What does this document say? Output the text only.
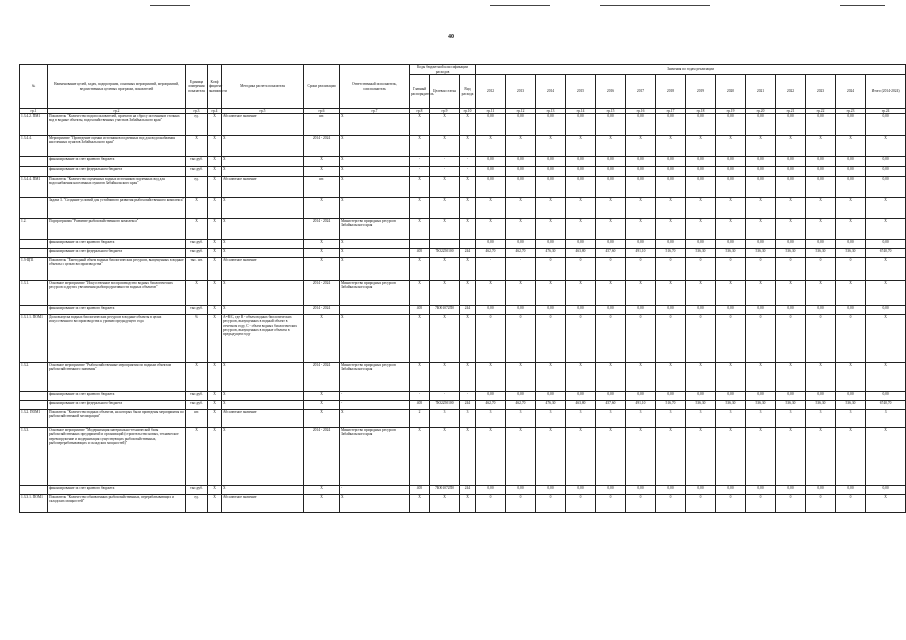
40
№	Наименование целей, задач, подпрограмм, основных мероприятий, мероприятий, ведомственных целевых программ, показателей	Единица измерения показателя	Коэф фициент значимости	Методика расчета показателя	Сроки реализации	Ответственный исполнитель, соисполнитель	Коды бюджетной классификации расходов			Значения по годам реализации													
							Главный распорядитель	Целевая статья	Вид расхода	2012	2013	2014	2015	2016	2017	2018	2019	2020	2021	2022	2023	2024	Итого (2014-2024)
гр.1	гр.2	гр.3	гр.4	гр.5	гр.6	гр.7	гр.8	гр.9	гр.10	гр.11	гр.12	гр.13	гр.14	гр.15	гр.16	гр.17	гр.18	гр.19	гр.20	гр.21	гр.22	гр.23	гр.24
1.3.4.2. ПМ1	Показатель "Количество водопользователей, проектов на сбросу источников сточных вод в водные объекты, водохозяйственных участков Забайкальского края"	ед.	X	Абсолютное значение	шт.	X	X	X	X	0,00	0,00	0,00	0,00	0,00	0,00	0,00	0,00	0,00	0,00	0,00	0,00	0,00	0,00
1.3.4.4.	Мероприятие "Проведение оценки источников подземных вод для водоснабжения населенных пунктов Забайкальского края"	X	X	X	2014 - 2024	X	X	X	X	X	X	X	X	X	X	X	X	X	X	X	X	X	X
	финансирование за счет краевого бюджета	тыс.руб.	X	X	X	X	-	-	-	0,00	0,00	0,00	0,00	0,00	0,00	0,00	0,00	0,00	0,00	0,00	0,00	0,00	0,00
	финансирование за счет федерального бюджета	тыс.руб.	X	X	X	X	-	-	-	0,00	0,00	0,00	0,00	0,00	0,00	0,00	0,00	0,00	0,00	0,00	0,00	0,00	0,00
1.3.4.4. ПМ1	Показатель "Количество оцененных водных источников подземных вод для водоснабжения населенных пунктов Забайкальского края"	ед.	X	Абсолютное значение	шт.	X	X	X	X	0,00	0,00	0,00	0,00	0,00	0,00	0,00	0,00	0,00	0,00	0,00	0,00	0,00	0,00
	Задача 3. "Создание условий для устойчивого развития рыбохозяйственного комплекса"	X	X	X	X	X	X	X	X	X	X	X	X	X	X	X	X	X	X	X	X	X	X
1.2.	Подпрограмма "Развитие рыбохозяйственного комплекса"	X	X	X	2014 - 2024	Министерство природных ресурсов Забайкальского края	X	X	X	X	X	X	X	X	X	X	X	X	X	X	X	X	X
	финансирование за счет краевого бюджета	тыс.руб.	X	X	X	X				0,00	0,00	0,00	0,00	0,00	0,00	0,00	0,00	0,00	0,00	0,00	0,00	0,00	0,00
	финансирование за счет федерального бюджета	тыс.руб.	X	X	X	X	405	7Ю2250100	244	462,70	462,70	476,30	463,80	457,60	491,10	516,70	536,30	536,30	536,30	536,30	536,30	536,30	6740,70
1.3-ЦП1	Показатель "Ежегодный объем водных биологических ресурсов, выпущенных в водные объекты с целью воспроизводства"	тыс. шт.	X	Абсолютное значение	X	X	X	X	X	-	-	0	0	0	0	0	0	0	0	0	0	0	X
1.3.1.	Основное мероприятие "Искусственное воспроизводство водных биологических ресурсов и других увеличения рыбопродуктивности водных объектов"	X	X	X	2014 - 2024	Министерство природных ресурсов Забайкальского края	X	X	X	X	X	X	X	X	X	X	X	X	X	X	X	X	X
	финансирование за счет краевого бюджета	тыс.руб.	X	X	2014 - 2024		405	7Ю01072П0	244	0,00	0,00	0,00	0,00	0,00	0,00	0,00	0,00	0,00	0,00	0,00	0,00	0,00	0,00
1.3.1.1. ПОМ1	Доля выпуска водных биологических ресурсов в водные объекты в целях искусственного воспроизводства к уровню предыдущего года	%	X	A=B/C, где B - объем водных биологических ресурсов, выпущенных в водный объект в отчетном году, C - объем водных биологических ресурсов, выпущенных в водные объекты в предыдущем году	X	X	X	X	X	0	0	0	0	0	0	0	0	0	0	0	0	0	X
1.3.2.	Основное мероприятие "Рыбохозяйственные мероприятия по водным объектам рыбохозяйственного значения"	X	X	X	2014 - 2024	Министерство природных ресурсов Забайкальского края	X	X	X	X	X	X	X	X	X	X	X	X	X	X	X	X	X
	финансирование за счет краевого бюджета	тыс.руб.	X	X	X	-	-	-	-	0,00	0,00	0,00	0,00	0,00	0,00	0,00	0,00	0,00	0,00	0,00	0,00	0,00	0,00
	финансирование за счет федерального бюджета	тыс.руб.	X	X	X	-	405	7Ю2250100	244	462,70	462,70	476,30	463,80	457,60	491,10	516,70	536,30	536,30	536,30	536,30	536,30	536,30	6740,70
1.3.2. ПОМ1	Показатель "Количество водных объектов, на которых были проведены мероприятия по рыбохозяйственной мелиорации"	шт.	X	Абсолютное значение	X	X	2	3	3	3	3	3	3	3	3	3	3	3	3	3	3	3	3
1.3.3.	Основное мероприятие "Модернизация материально-технической базы рыбохозяйственных предприятий и организаций (строительство новых, техническое перевооружение и модернизация существующих рыбохозяйственных, рыбоперерабатывающих и складских мощностей)"	X	X	X	2014 - 2024	Министерство природных ресурсов Забайкальского края	X	X	X	X	X	X	X	X	X	X	X	X	X	X	X	X	X
	финансирование за счет краевого бюджета	тыс.руб.	X	X	X	-	405	7Ю01072П0	244	0,00	0,00	0,00	0,00	0,00	0,00	0,00	0,00	0,00	0,00	0,00	0,00	0,00	0,00
1.3.3.1. ПОМ1	Показатель "Количество обновленных рыбохозяйственных, перерабатывающих и складских мощностей"	ед.	X	Абсолютное значение	X	X	X	X	X	0	0	0	0	0	0	0	0	0	0	0	0	0	X
